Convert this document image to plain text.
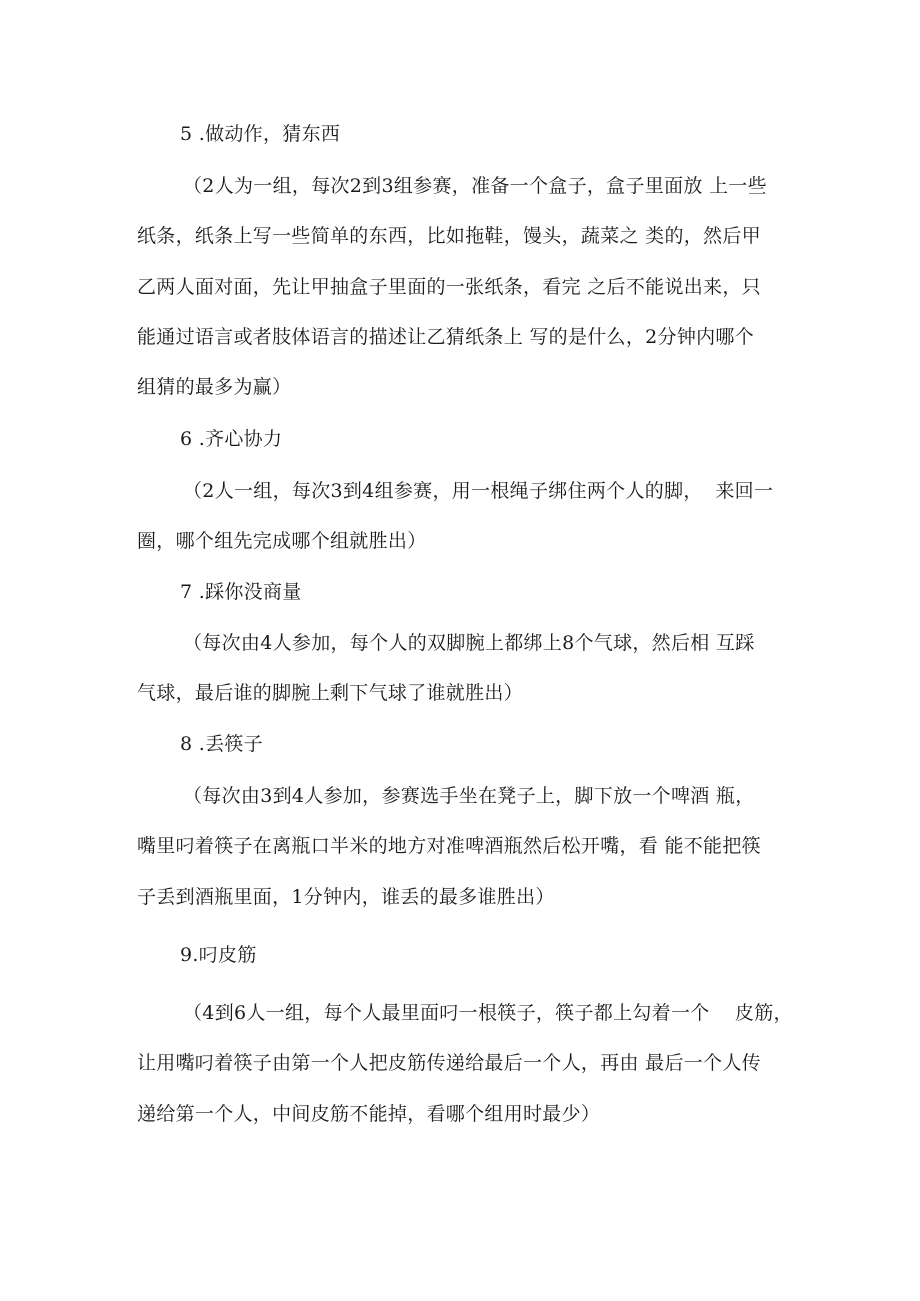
5 .做动作，猜东西
（2人为一组，每次2到3组参赛，准备一个盒子，盒子里面放 上一些
纸条，纸条上写一些简单的东西，比如拖鞋，馒头，蔬菜之 类的，然后甲
乙两人面对面，先让甲抽盒子里面的一张纸条，看完 之后不能说出来，只
能通过语言或者肢体语言的描述让乙猜纸条上 写的是什么，2分钟内哪个
组猜的最多为赢）
6 .齐心协力
（2人一组，每次3到4组参赛，用一根绳子绑住两个人的脚，  来回一
圈，哪个组先完成哪个组就胜出）
7 .踩你没商量
（每次由4人参加，每个人的双脚腕上都绑上8个气球，然后相 互踩
气球，最后谁的脚腕上剩下气球了谁就胜出）
8 .丢筷子
（每次由3到4人参加，参赛选手坐在凳子上，脚下放一个啤酒 瓶，
嘴里叼着筷子在离瓶口半米的地方对准啤酒瓶然后松开嘴，看 能不能把筷
子丢到酒瓶里面，1分钟内，谁丢的最多谁胜出）
9.叼皮筋
（4到6人一组，每个人最里面叼一根筷子，筷子都上勾着一个    皮筋，
让用嘴叼着筷子由第一个人把皮筋传递给最后一个人，再由 最后一个人传
递给第一个人，中间皮筋不能掉，看哪个组用时最少）
